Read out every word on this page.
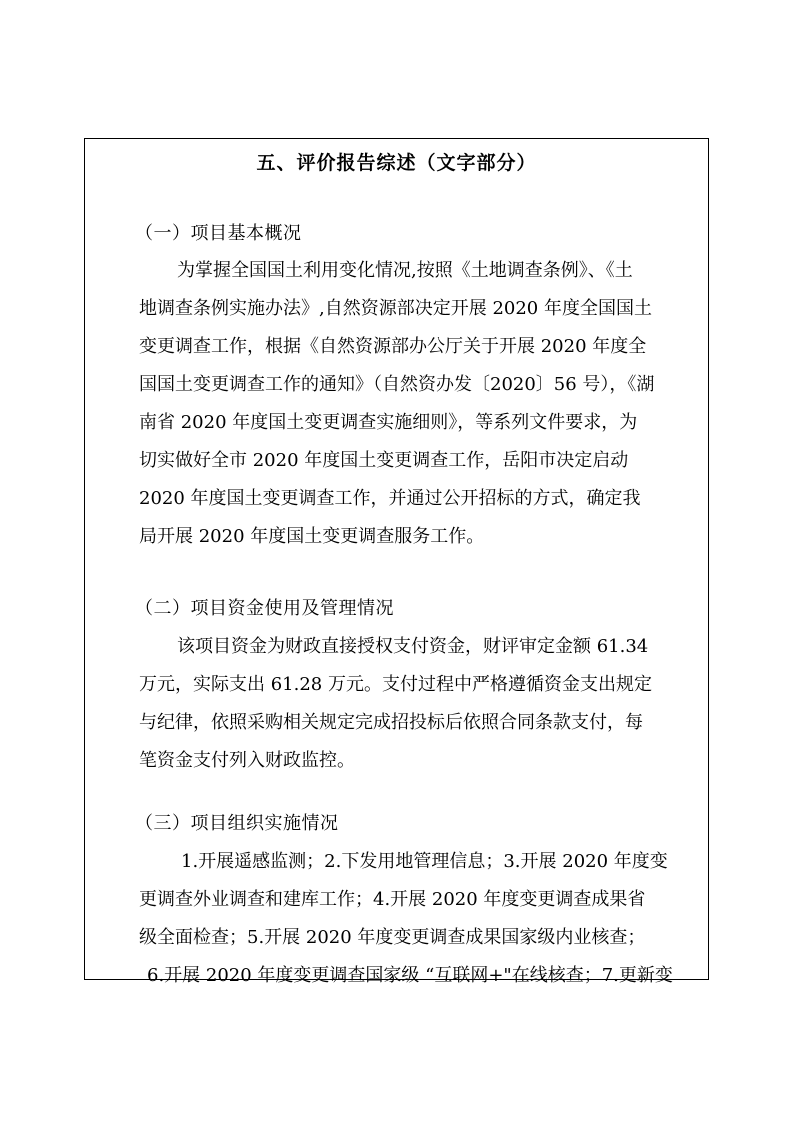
五、评价报告综述（文字部分）
（一）项目基本概况
为掌握全国国土利用变化情况,按照《土地调查条例》、《土
地调查条例实施办法》,自然资源部决定开展 2020 年度全国国土
变更调查工作，根据《自然资源部办公厅关于开展 2020 年度全
国国土变更调查工作的通知》（自然资办发〔2020〕56 号），《湖
南省 2020 年度国土变更调查实施细则》，等系列文件要求，为
切实做好全市 2020 年度国土变更调查工作，岳阳市决定启动
2020 年度国土变更调查工作，并通过公开招标的方式，确定我
局开展 2020 年度国土变更调查服务工作。
（二）项目资金使用及管理情况
该项目资金为财政直接授权支付资金，财评审定金额 61.34
万元，实际支出 61.28 万元。支付过程中严格遵循资金支出规定
与纪律，依照采购相关规定完成招投标后依照合同条款支付，每
笔资金支付列入财政监控。
（三）项目组织实施情况
1.开展遥感监测；2.下发用地管理信息；3.开展 2020 年度变
更调查外业调查和建库工作；4.开展 2020 年度变更调查成果省
级全面检查；5.开展 2020 年度变更调查成果国家级内业核查；
6.开展 2020 年度变更调查国家级 “互联网+"在线核查；7.更新变
